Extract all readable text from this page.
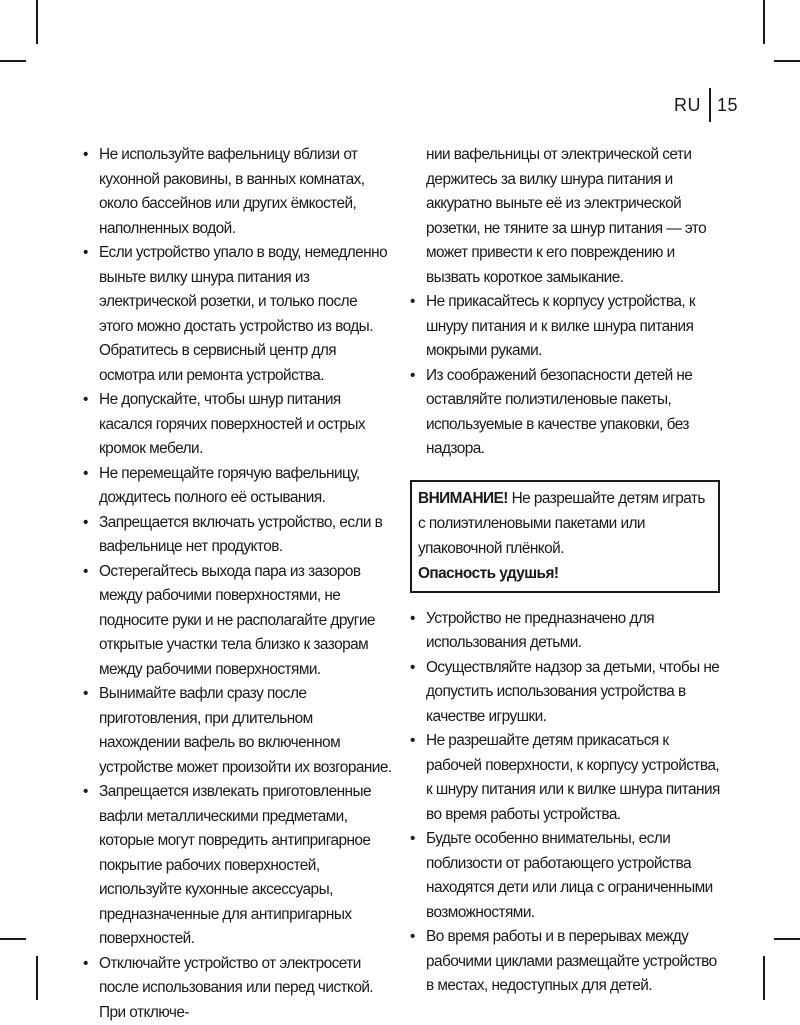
RU 15
• Не используйте вафельницу вблизи от кухонной раковины, в ванных комнатах, около бассейнов или других ёмкостей, наполненных водой.
• Если устройство упало в воду, немедленно выньте вилку шнура питания из электрической розетки, и только после этого можно достать устройство из воды. Обратитесь в сервисный центр для осмотра или ремонта устройства.
• Не допускайте, чтобы шнур питания касался горячих поверхностей и острых кромок мебели.
• Не перемещайте горячую вафельницу, дождитесь полного её остывания.
• Запрещается включать устройство, если в вафельнице нет продуктов.
• Остерегайтесь выхода пара из зазоров между рабочими поверхностями, не подносите руки и не располагайте другие открытые участки тела близко к зазорам между рабочими поверхностями.
• Вынимайте вафли сразу после приготовления, при длительном нахождении вафель во включенном устройстве может произойти их возгорание.
• Запрещается извлекать приготовленные вафли металлическими предметами, которые могут повредить антипригарное покрытие рабочих поверхностей, используйте кухонные аксессуары, предназначенные для антипригарных поверхностей.
• Отключайте устройство от электросети после использования или перед чисткой. При отключе-
нии вафельницы от электрической сети держитесь за вилку шнура питания и аккуратно выньте её из электрической розетки, не тяните за шнур питания — это может привести к его повреждению и вызвать короткое замыкание.
• Не прикасайтесь к корпусу устройства, к шнуру питания и к вилке шнура питания мокрыми руками.
• Из соображений безопасности детей не оставляйте полиэтиленовые пакеты, используемые в качестве упаковки, без надзора.
ВНИМАНИЕ! Не разрешайте детям играть с полиэтиленовыми пакетами или упаковочной плёнкой.
Опасность удушья!
• Устройство не предназначено для использования детьми.
• Осуществляйте надзор за детьми, чтобы не допустить использования устройства в качестве игрушки.
• Не разрешайте детям прикасаться к рабочей поверхности, к корпусу устройства, к шнуру питания или к вилке шнура питания во время работы устройства.
• Будьте особенно внимательны, если поблизости от работающего устройства находятся дети или лица с ограниченными возможностями.
• Во время работы и в перерывах между рабочими циклами размещайте устройство в местах, недоступных для детей.
